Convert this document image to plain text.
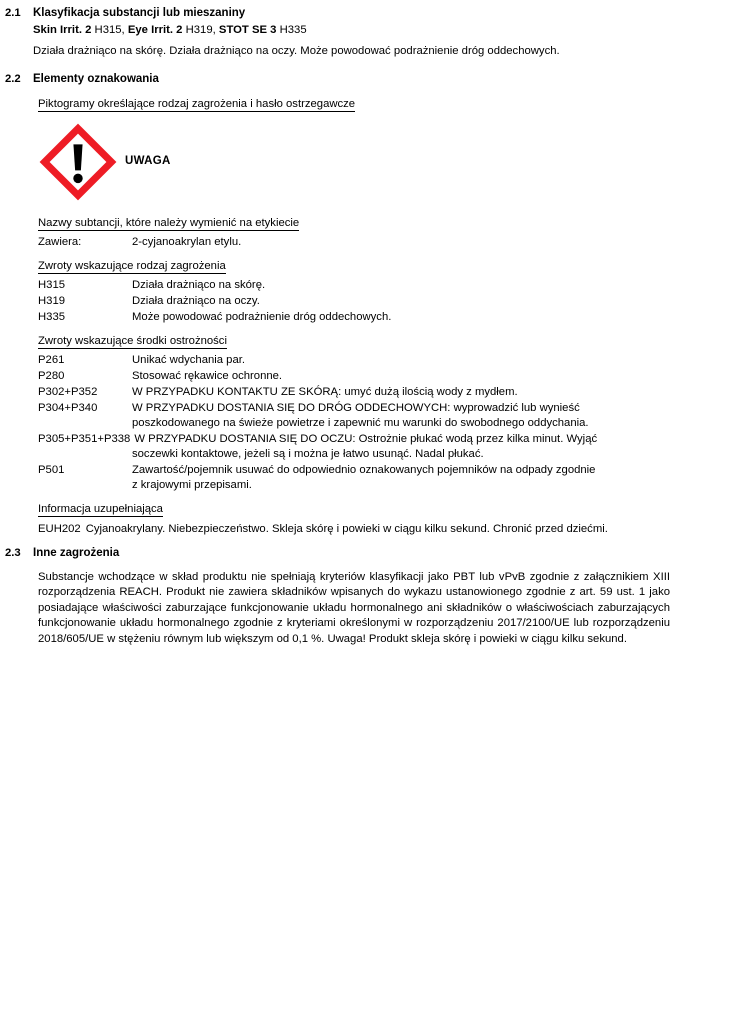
2.1	Klasyfikacja substancji lub mieszaniny
Skin Irrit. 2 H315, Eye Irrit. 2 H319, STOT SE 3 H335
Działa drażniąco na skórę. Działa drażniąco na oczy. Może powodować podrażnienie dróg oddechowych.
2.2	Elementy oznakowania
Piktogramy określające rodzaj zagrożenia i hasło ostrzegawcze
UWAGA
Nazwy subtancji, które należy wymienić na etykiecie
Zawiera:	2-cyjanoakrylan etylu.
Zwroty wskazujące rodzaj zagrożenia
H315	Działa drażniąco na skórę.
H319	Działa drażniąco na oczy.
H335	Może powodować podrażnienie dróg oddechowych.
Zwroty wskazujące środki ostrożności
P261	Unikać wdychania par.
P280	Stosować rękawice ochronne.
P302+P352	W PRZYPADKU KONTAKTU ZE SKÓRĄ: umyć dużą ilością wody z mydłem.
P304+P340	W PRZYPADKU DOSTANIA SIĘ DO DRÓG ODDECHOWYCH: wyprowadzić lub wynieść
poszkodowanego na świeże powietrze i zapewnić mu warunki do swobodnego oddychania.
P305+P351+P338 W PRZYPADKU DOSTANIA SIĘ DO OCZU: Ostrożnie płukać wodą przez kilka minut. Wyjąć
soczewki kontaktowe, jeżeli są i można je łatwo usunąć. Nadal płukać.
P501	Zawartość/pojemnik usuwać do odpowiednio oznakowanych pojemników na odpady zgodnie
z krajowymi przepisami.
Informacja uzupełniająca
EUH202 Cyjanoakrylany. Niebezpieczeństwo. Skleja skórę i powieki w ciągu kilku sekund. Chronić przed dziećmi.
2.3	Inne zagrożenia
Substancje wchodzące w skład produktu nie spełniają kryteriów klasyfikacji jako PBT lub vPvB zgodnie z załącznikiem XIII rozporządzenia REACH. Produkt nie zawiera składników wpisanych do wykazu ustanowionego zgodnie z art. 59 ust. 1 jako posiadające właściwości zaburzające funkcjonowanie układu hormonalnego ani składników o właściwościach zaburzających funkcjonowanie układu hormonalnego zgodnie z kryteriami określonymi w rozporządzeniu 2017/2100/UE lub rozporządzeniu 2018/605/UE w stężeniu równym lub większym od 0,1 %. Uwaga! Produkt skleja skórę i powieki w ciągu kilku sekund.
